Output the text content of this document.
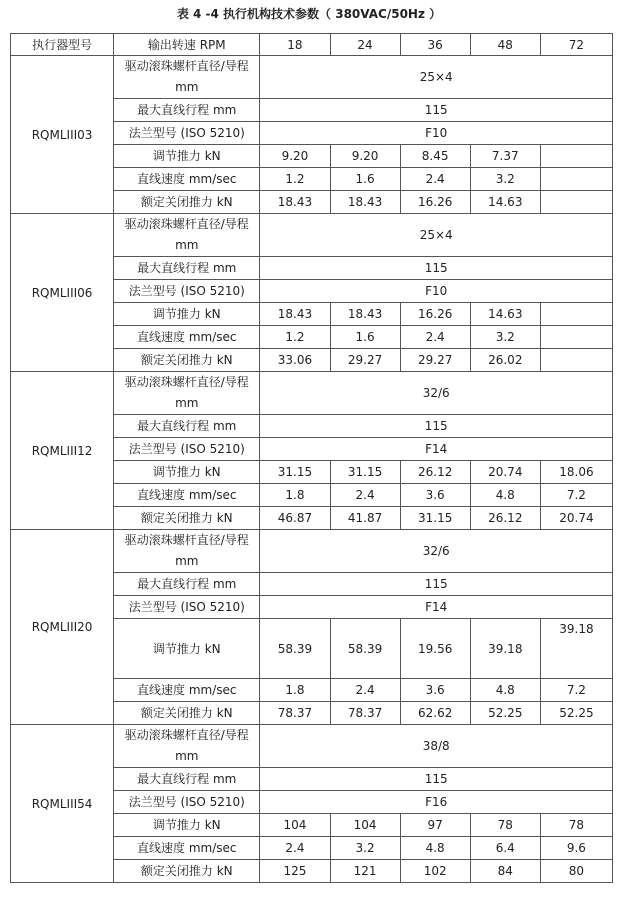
表 4 -4 执行机构技术参数（ 380VAC/50Hz ）
执行器型号	输出转速 RPM	18	24	36	48	72
RQMLIII03	驱动滚珠螺杆直径/导程 mm	25×4				
	最大直线行程 mm	115				
	法兰型号 (ISO 5210)	F10				
	调节推力 kN	9.20	9.20	8.45	7.37	
	直线速度 mm/sec	1.2	1.6	2.4	3.2	
	额定关闭推力 kN	18.43	18.43	16.26	14.63	
RQMLIII06	驱动滚珠螺杆直径/导程 mm	25×4				
	最大直线行程 mm	115				
	法兰型号 (ISO 5210)	F10				
	调节推力 kN	18.43	18.43	16.26	14.63	
	直线速度 mm/sec	1.2	1.6	2.4	3.2	
	额定关闭推力 kN	33.06	29.27	29.27	26.02	
RQMLIII12	驱动滚珠螺杆直径/导程 mm	32/6				
	最大直线行程 mm	115				
	法兰型号 (ISO 5210)	F14				
	调节推力 kN	31.15	31.15	26.12	20.74	18.06
	直线速度 mm/sec	1.8	2.4	3.6	4.8	7.2
	额定关闭推力 kN	46.87	41.87	31.15	26.12	20.74
RQMLIII20	驱动滚珠螺杆直径/导程 mm	32/6				
	最大直线行程 mm	115				
	法兰型号 (ISO 5210)	F14				
	调节推力 kN	58.39	58.39	19.56	39.18	39.18
	直线速度 mm/sec	1.8	2.4	3.6	4.8	7.2
	额定关闭推力 kN	78.37	78.37	62.62	52.25	52.25
RQMLIII54	驱动滚珠螺杆直径/导程 mm	38/8				
	最大直线行程 mm	115				
	法兰型号 (ISO 5210)	F16				
	调节推力 kN	104	104	97	78	78
	直线速度 mm/sec	2.4	3.2	4.8	6.4	9.6
	额定关闭推力 kN	125	121	102	84	80
